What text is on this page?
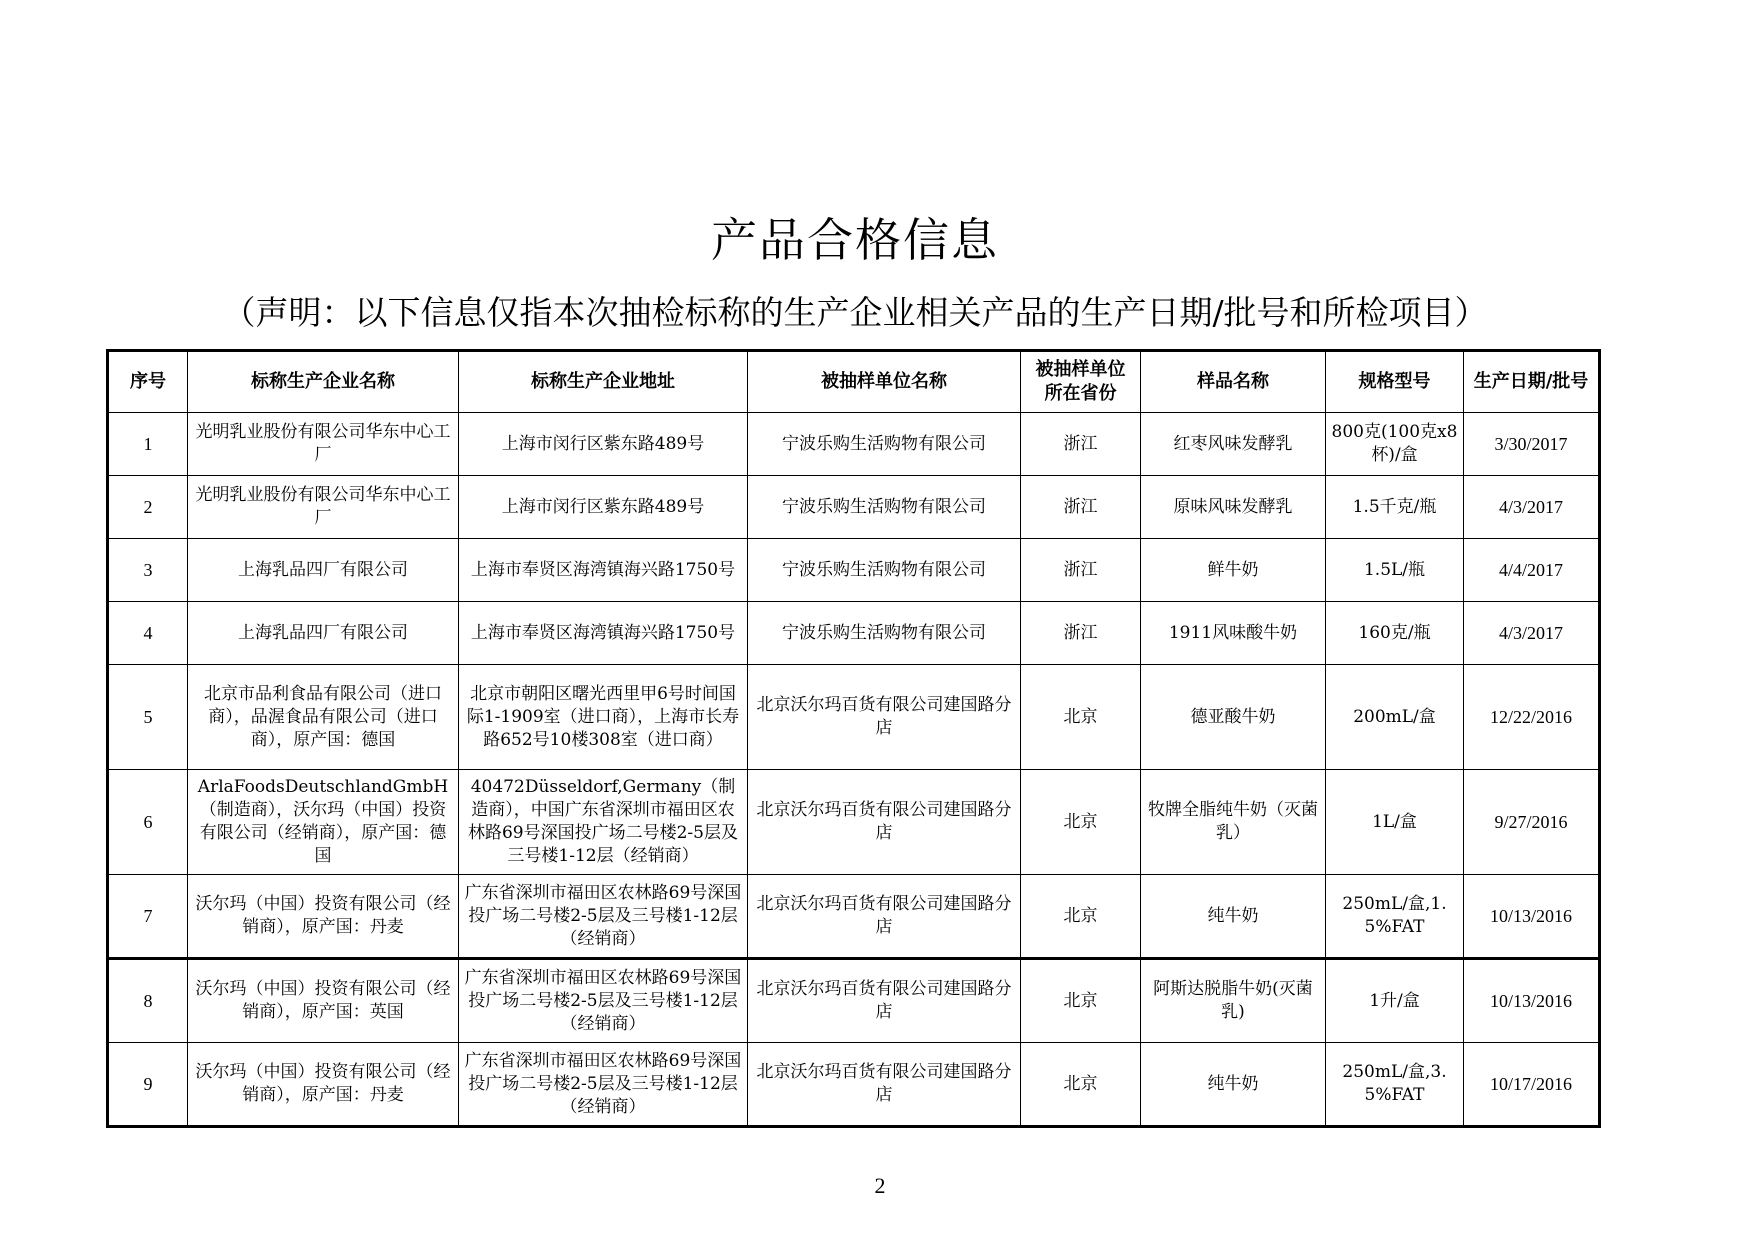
产品合格信息
（声明：以下信息仅指本次抽检标称的生产企业相关产品的生产日期/批号和所检项目）
序号	标称生产企业名称	标称生产企业地址	被抽样单位名称	被抽样单位所在省份	样品名称	规格型号	生产日期/批号
1	光明乳业股份有限公司华东中心工厂	上海市闵行区紫东路489号	宁波乐购生活购物有限公司	浙江	红枣风味发酵乳	800克(100克x8杯)/盒	3/30/2017
2	光明乳业股份有限公司华东中心工厂	上海市闵行区紫东路489号	宁波乐购生活购物有限公司	浙江	原味风味发酵乳	1.5千克/瓶	4/3/2017
3	上海乳品四厂有限公司	上海市奉贤区海湾镇海兴路1750号	宁波乐购生活购物有限公司	浙江	鲜牛奶	1.5L/瓶	4/4/2017
4	上海乳品四厂有限公司	上海市奉贤区海湾镇海兴路1750号	宁波乐购生活购物有限公司	浙江	1911风味酸牛奶	160克/瓶	4/3/2017
5	北京市品利食品有限公司（进口商），品渥食品有限公司（进口商），原产国：德国	北京市朝阳区曙光西里甲6号时间国际1-1909室（进口商），上海市长寿路652号10楼308室（进口商）	北京沃尔玛百货有限公司建国路分店	北京	德亚酸牛奶	200mL/盒	12/22/2016
6	ArlaFoodsDeutschlandGmbH（制造商），沃尔玛（中国）投资有限公司（经销商），原产国：德国	40472Düsseldorf,Germany（制造商），中国广东省深圳市福田区农林路69号深国投广场二号楼2-5层及三号楼1-12层（经销商）	北京沃尔玛百货有限公司建国路分店	北京	牧牌全脂纯牛奶（灭菌乳）	1L/盒	9/27/2016
7	沃尔玛（中国）投资有限公司（经销商），原产国：丹麦	广东省深圳市福田区农林路69号深国投广场二号楼2-5层及三号楼1-12层（经销商）	北京沃尔玛百货有限公司建国路分店	北京	纯牛奶	250mL/盒,1.5%FAT	10/13/2016
8	沃尔玛（中国）投资有限公司（经销商），原产国：英国	广东省深圳市福田区农林路69号深国投广场二号楼2-5层及三号楼1-12层（经销商）	北京沃尔玛百货有限公司建国路分店	北京	阿斯达脱脂牛奶(灭菌乳)	1升/盒	10/13/2016
9	沃尔玛（中国）投资有限公司（经销商），原产国：丹麦	广东省深圳市福田区农林路69号深国投广场二号楼2-5层及三号楼1-12层（经销商）	北京沃尔玛百货有限公司建国路分店	北京	纯牛奶	250mL/盒,3.5%FAT	10/17/2016
2
